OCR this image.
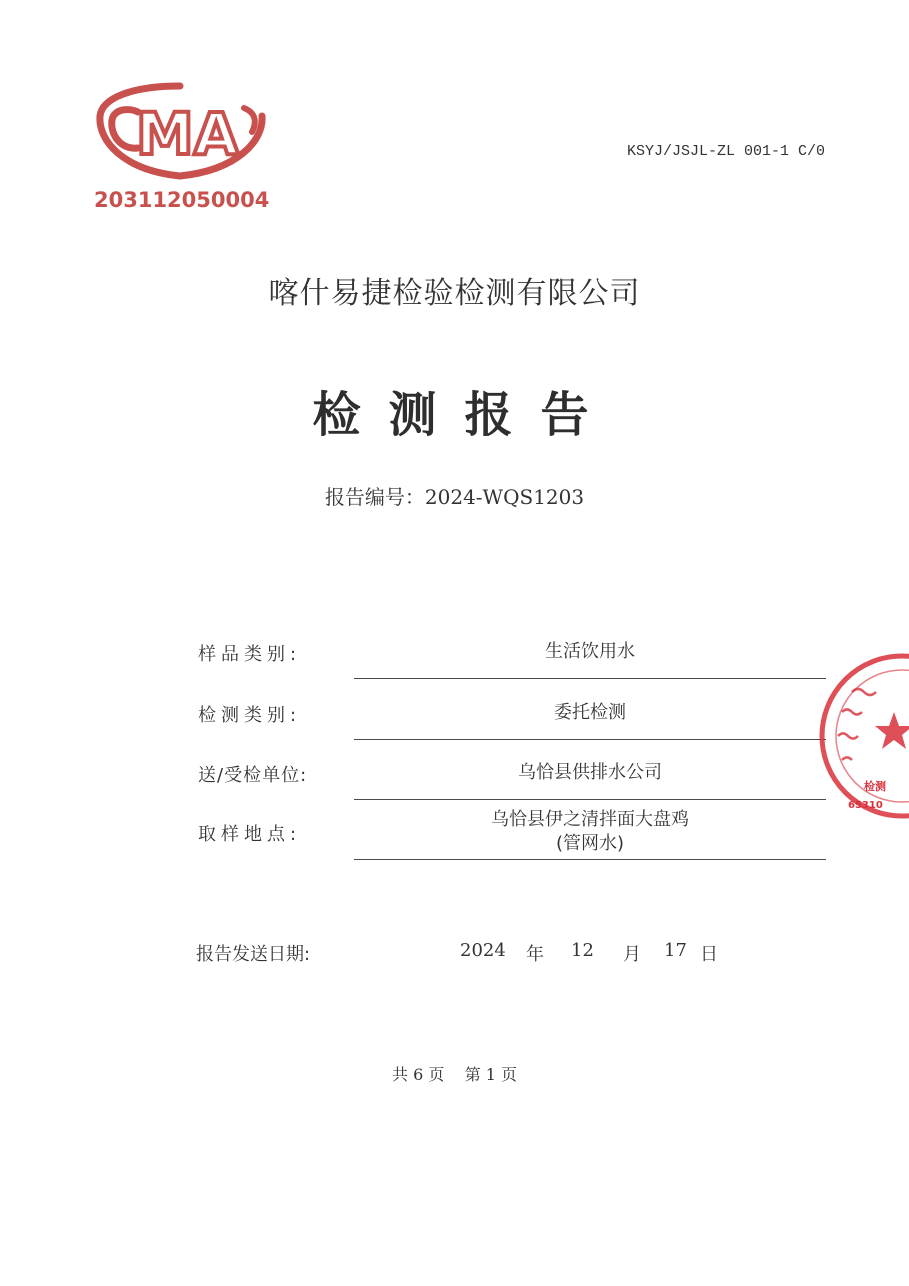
MA
203112050004
KSYJ/JSJL-ZL 001-1 C/0
喀什易捷检验检测有限公司
检测报告
报告编号：2024-WQS1203
样品类别:	生活饮用水
检测类别:	委托检测
送/受检单位:	乌恰县供排水公司
取样地点:
乌恰县伊之清拌面大盘鸡
(管网水)
报告发送日期:	2024 年 12 月 17 日
共 6 页    第 1 页
检测
65310
